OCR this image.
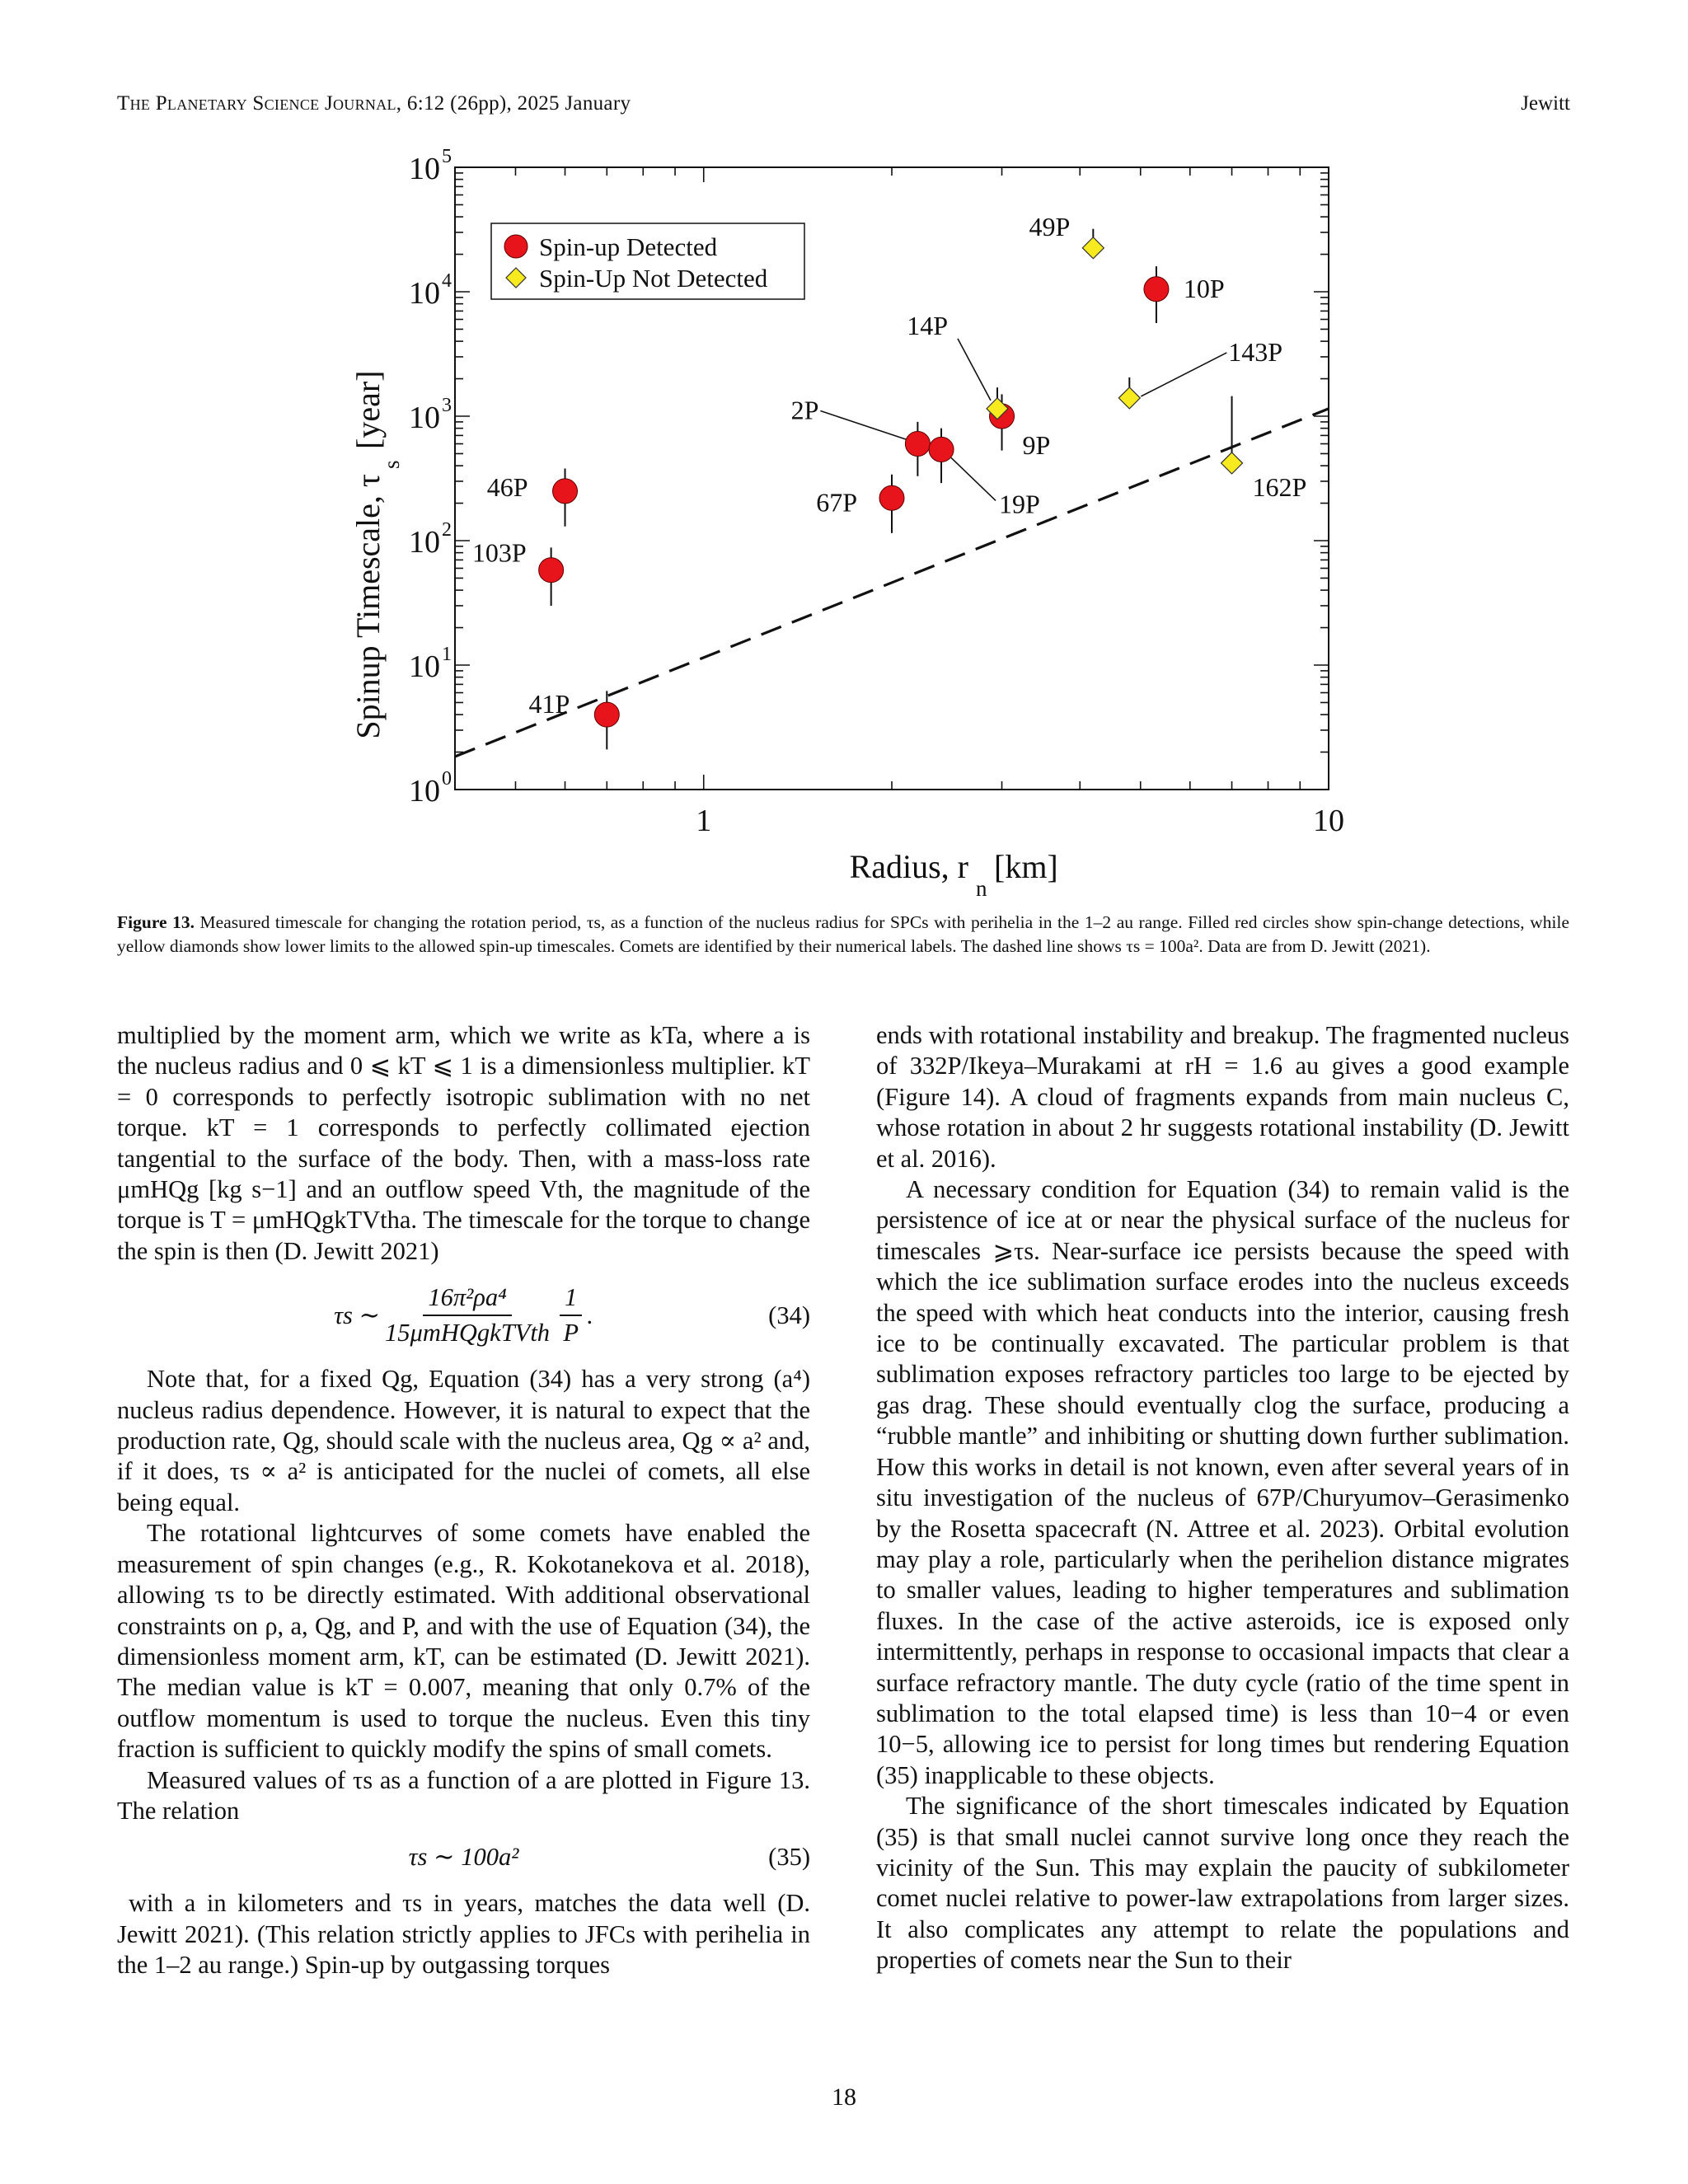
The Planetary Science Journal, 6:12 (26pp), 2025 January	Jewitt
1	10
10 0
10 1
10 2
10 3
10 4
10 5
46P
103P
41P
2P
67P	19P
9P
10P
49P
14P
143P
162P
Spin-up Detected
Spin-Up Not Detected
Radius, r
n
[km]
Spinup Timescale, τ
s
[year]
Figure 13. Measured timescale for changing the rotation period, τs, as a function of the nucleus radius for SPCs with perihelia in the 1–2 au range. Filled red circles show spin-change detections, while yellow diamonds show lower limits to the allowed spin-up timescales. Comets are identified by their numerical labels. The dashed line shows τs = 100a². Data are from D. Jewitt (2021).

multiplied by the moment arm, which we write as kTa, where a is the nucleus radius and 0 ⩽ kT ⩽ 1 is a dimensionless multiplier. kT = 0 corresponds to perfectly isotropic sublimation with no net torque. kT = 1 corresponds to perfectly collimated ejection tangential to the surface of the body. Then, with a mass-loss rate μmHQg [kg s−1] and an outflow speed Vth, the magnitude of the torque is T = μmHQgkTVtha. The timescale for the torque to change the spin is then (D. Jewitt 2021)

τs ∼ $\frac{\text{16π²ρa⁴}}{\text{15μmHQgkTVth}} \frac{1}{P}$ .	(34)

Note that, for a fixed Qg, Equation (34) has a very strong (a⁴) nucleus radius dependence. However, it is natural to expect that the production rate, Qg, should scale with the nucleus area, Qg ∝ a² and, if it does, τs ∝ a² is anticipated for the nuclei of comets, all else being equal.

The rotational lightcurves of some comets have enabled the measurement of spin changes (e.g., R. Kokotanekova et al. 2018), allowing τs to be directly estimated. With additional observational constraints on ρ, a, Qg, and P, and with the use of Equation (34), the dimensionless moment arm, kT, can be estimated (D. Jewitt 2021). The median value is kT = 0.007, meaning that only 0.7% of the outflow momentum is used to torque the nucleus. Even this tiny fraction is sufficient to quickly modify the spins of small comets.

Measured values of τs as a function of a are plotted in Figure 13. The relation

τs ∼ 100a²	(35)

with a in kilometers and τs in years, matches the data well (D. Jewitt 2021). (This relation strictly applies to JFCs with perihelia in the 1–2 au range.) Spin-up by outgassing torques

ends with rotational instability and breakup. The fragmented nucleus of 332P/Ikeya–Murakami at rH = 1.6 au gives a good example (Figure 14). A cloud of fragments expands from main nucleus C, whose rotation in about 2 hr suggests rotational instability (D. Jewitt et al. 2016).

A necessary condition for Equation (34) to remain valid is the persistence of ice at or near the physical surface of the nucleus for timescales ⩾τs. Near-surface ice persists because the speed with which the ice sublimation surface erodes into the nucleus exceeds the speed with which heat conducts into the interior, causing fresh ice to be continually excavated. The particular problem is that sublimation exposes refractory particles too large to be ejected by gas drag. These should eventually clog the surface, producing a “rubble mantle” and inhibiting or shutting down further sublimation. How this works in detail is not known, even after several years of in situ investigation of the nucleus of 67P/Churyumov–Gerasimenko by the Rosetta spacecraft (N. Attree et al. 2023). Orbital evolution may play a role, particularly when the perihelion distance migrates to smaller values, leading to higher temperatures and sublimation fluxes. In the case of the active asteroids, ice is exposed only intermittently, perhaps in response to occasional impacts that clear a surface refractory mantle. The duty cycle (ratio of the time spent in sublimation to the total elapsed time) is less than 10−4 or even 10−5, allowing ice to persist for long times but rendering Equation (35) inapplicable to these objects.

The significance of the short timescales indicated by Equation (35) is that small nuclei cannot survive long once they reach the vicinity of the Sun. This may explain the paucity of subkilometer comet nuclei relative to power-law extrapolations from larger sizes. It also complicates any attempt to relate the populations and properties of comets near the Sun to their

18
